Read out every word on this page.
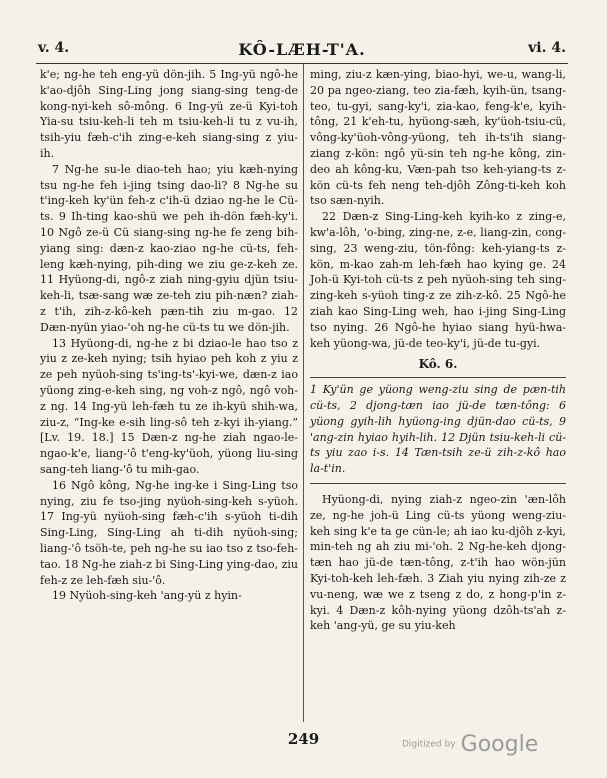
v. 4.	KÔ-LÆH-T'A.	vi. 4.

k'e; ng-he teh eng-yü dön-jih. 5 Ing-yü ngô-he k'ao-djôh Sing-Ling jong siang-sing teng-de kong-nyi-keh sô-mông. 6 Ing-yü ze-ü Kyi-toh Yia-su tsiu-keh-li teh m tsiu-keh-li tu z vu-ih, tsih-yiu fæh-c'ih zing-e-keh siang-sing z yiu-ih.

7 Ng-he su-le diao-teh hao; yiu kæh-nying tsu ng-he feh i-jing tsing dao-li? 8 Ng-he su t'ing-keh ky'ün feh-z c'ih-ü dziao ng-he le Cü-ts. 9 Ih-ting kao-shü we peh ih-dön fæh-ky'i. 10 Ngô ze-ü Cü siang-sing ng-he fe zeng bih-yiang sing: dæn-z kao-ziao ng-he cü-ts, feh-leng kæh-nying, pih-ding we ziu ge-z-keh ze. 11 Hyüong-di, ngô-z ziah ning-gyiu djün tsiu-keh-li, tsæ-sang wæ ze-teh ziu pih-næn? ziah-z t'ih, zih-z-kô-keh pæn-tih ziu m-gao. 12 Dæn-nyün yiao-'oh ng-he cü-ts tu we dön-jih.

13 Hyüong-di, ng-he z bi dziao-le hao tso z yiu z ze-keh nying; tsih hyiao peh koh z yiu z ze peh nyüoh-sing ts'ing-ts'-kyi-we, dæn-z iao yüong zing-e-keh sing, ng voh-z ngô, ngô voh-z ng. 14 Ing-yü leh-fæh tu ze ih-kyü shih-wa, ziu-z, “Ing-ke e-sih ling-sô teh z-kyi ih-yiang.” [Lv. 19. 18.] 15 Dæn-z ng-he ziah ngao-le-ngao-k'e, liang-'ô t'eng-ky'üoh, yüong liu-sing sang-teh liang-'ô tu mih-gao.

16 Ngô kông, Ng-he ing-ke i Sing-Ling tso nying, ziu fe tso-jing nyüoh-sing-keh s-yüoh. 17 Ing-yü nyüoh-sing fæh-c'ih s-yüoh ti-dih Sing-Ling, Sing-Ling ah ti-dih nyüoh-sing; liang-'ô tsöh-te, peh ng-he su iao tso z tso-feh-tao. 18 Ng-he ziah-z bi Sing-Ling ying-dao, ziu feh-z ze leh-fæh siu-'ô.

19 Nyüoh-sing-keh 'ang-yü z hyin-

ming, ziu-z kæn-ying, biao-hyi, we-u, wang-li, 20 pa ngeo-ziang, teo zia-fæh, kyih-ün, tsang-teo, tu-gyi, sang-ky'i, zia-kao, feng-k'e, kyih-tông, 21 k'eh-tu, hyüong-sæh, ky'üoh-tsiu-cü, vông-ky'üoh-vông-yüong, teh ih-ts'ih siang-ziang z-kön: ngô yü-sin teh ng-he kông, zin-deo ah kông-ku, Væn-pah tso keh-yiang-ts z-kön cü-ts feh neng teh-djôh Zông-ti-keh koh tso sæn-nyih.

22 Dæn-z Sing-Ling-keh kyih-ko z zing-e, kw'a-lôh, 'o-bing, zing-ne, z-e, liang-zin, cong-sing, 23 weng-ziu, tön-fông: keh-yiang-ts z-kön, m-kao zah-m leh-fæh hao kying ge. 24 Joh-ü Kyi-toh cü-ts z peh nyüoh-sing teh sing-zing-keh s-yüoh ting-z ze zih-z-kô. 25 Ngô-he ziah kao Sing-Ling weh, hao i-jing Sing-Ling tso nying. 26 Ngô-he hyiao siang hyü-hwa-keh yüong-wa, jü-de teo-ky'i, jü-de tu-gyi.

Kô. 6.
1 Ky'ün ge yüong weng-ziu sing de pæn-tih cü-ts, 2 djong-tæn iao jü-de tæn-tông: 6 yüong gyih-lih hyüong-ing djün-dao cü-ts, 9 'ang-zin hyiao hyih-lih. 12 Djün tsiu-keh-li cü-ts yiu zao i-s. 14 Tæn-tsih ze-ü zih-z-kô hao la-t'in.

Hyüong-di, nying ziah-z ngeo-zin 'æn-lôh ze, ng-he joh-ü Ling cü-ts yüong weng-ziu-keh sing k'e ta ge cün-le; ah iao ku-djôh z-kyi, min-teh ng ah ziu mi-'oh. 2 Ng-he-keh djong-tæn hao jü-de tæn-tông, z-t'ih hao wön-jün Kyi-toh-keh leh-fæh. 3 Ziah yiu nying zih-ze z vu-neng, wæ we z tseng z do, z hong-p'in z-kyi. 4 Dæn-z kôh-nying yüong dzôh-ts'ah z-keh 'ang-yü, ge su yiu-keh

249	Digitized by Google
